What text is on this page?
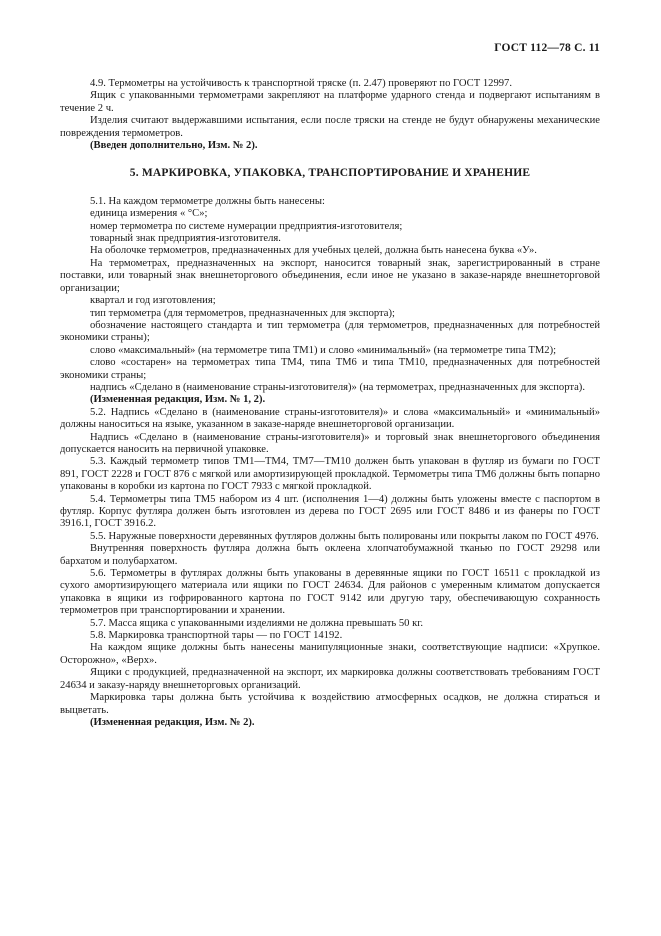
ГОСТ 112—78 С. 11

4.9. Термометры на устойчивость к транспортной тряске (п. 2.47) проверяют по ГОСТ 12997.

Ящик с упакованными термометрами закрепляют на платформе ударного стенда и подвергают испытаниям в течение 2 ч.

Изделия считают выдержавшими испытания, если после тряски на стенде не будут обнаружены механические повреждения термометров.

(Введен дополнительно, Изм. № 2).

5. МАРКИРОВКА, УПАКОВКА, ТРАНСПОРТИРОВАНИЕ И ХРАНЕНИЕ

5.1. На каждом термометре должны быть нанесены:

единица измерения « °С»;

номер термометра по системе нумерации предприятия-изготовителя;

товарный знак предприятия-изготовителя.

На оболочке термометров, предназначенных для учебных целей, должна быть нанесена буква «У».

На термометрах, предназначенных на экспорт, наносится товарный знак, зарегистрированный в стране поставки, или товарный знак внешнеторгового объединения, если иное не указано в заказе-наряде внешнеторговой организации;

квартал и год изготовления;

тип термометра (для термометров, предназначенных для экспорта);

обозначение настоящего стандарта и тип термометра (для термометров, предназначенных для потребностей экономики страны);

слово «максимальный» (на термометре типа ТМ1) и слово «минимальный» (на термометре типа ТМ2);

слово «состарен» на термометрах типа ТМ4, типа ТМ6 и типа ТМ10, предназначенных для потребностей экономики страны;

надпись «Сделано в (наименование страны-изготовителя)» (на термометрах, предназначенных для экспорта).

(Измененная редакция, Изм. № 1, 2).

5.2. Надпись «Сделано в (наименование страны-изготовителя)» и слова «максимальный» и «минимальный» должны наноситься на языке, указанном в заказе-наряде внешнеторговой организации.

Надпись «Сделано в (наименование страны-изготовителя)» и торговый знак внешнеторгового объединения допускается наносить на первичной упаковке.

5.3. Каждый термометр типов ТМ1—ТМ4, ТМ7—ТМ10 должен быть упакован в футляр из бумаги по ГОСТ 891, ГОСТ 2228 и ГОСТ 876 с мягкой или амортизирующей прокладкой. Термометры типа ТМ6 должны быть попарно упакованы в коробки из картона по ГОСТ 7933 с мягкой прокладкой.

5.4. Термометры типа ТМ5 набором из 4 шт. (исполнения 1—4) должны быть уложены вместе с паспортом в футляр. Корпус футляра должен быть изготовлен из дерева по ГОСТ 2695 или ГОСТ 8486 и из фанеры по ГОСТ 3916.1, ГОСТ 3916.2.

5.5. Наружные поверхности деревянных футляров должны быть полированы или покрыты лаком по ГОСТ 4976.

Внутренняя поверхность футляра должна быть оклеена хлопчатобумажной тканью по ГОСТ 29298 или бархатом и полубархатом.

5.6. Термометры в футлярах должны быть упакованы в деревянные ящики по ГОСТ 16511 с прокладкой из сухого амортизирующего материала или ящики по ГОСТ 24634. Для районов с умеренным климатом допускается упаковка в ящики из гофрированного картона по ГОСТ 9142 или другую тару, обеспечивающую сохранность термометров при транспортировании и хранении.

5.7. Масса ящика с упакованными изделиями не должна превышать 50 кг.

5.8. Маркировка транспортной тары — по ГОСТ 14192.

На каждом ящике должны быть нанесены манипуляционные знаки, соответствующие надписи: «Хрупкое. Осторожно», «Верх».

Ящики с продукцией, предназначенной на экспорт, их маркировка должны соответствовать требованиям ГОСТ 24634 и заказу-наряду внешнеторговых организаций.

Маркировка тары должна быть устойчива к воздействию атмосферных осадков, не должна стираться и выцветать.

(Измененная редакция, Изм. № 2).
